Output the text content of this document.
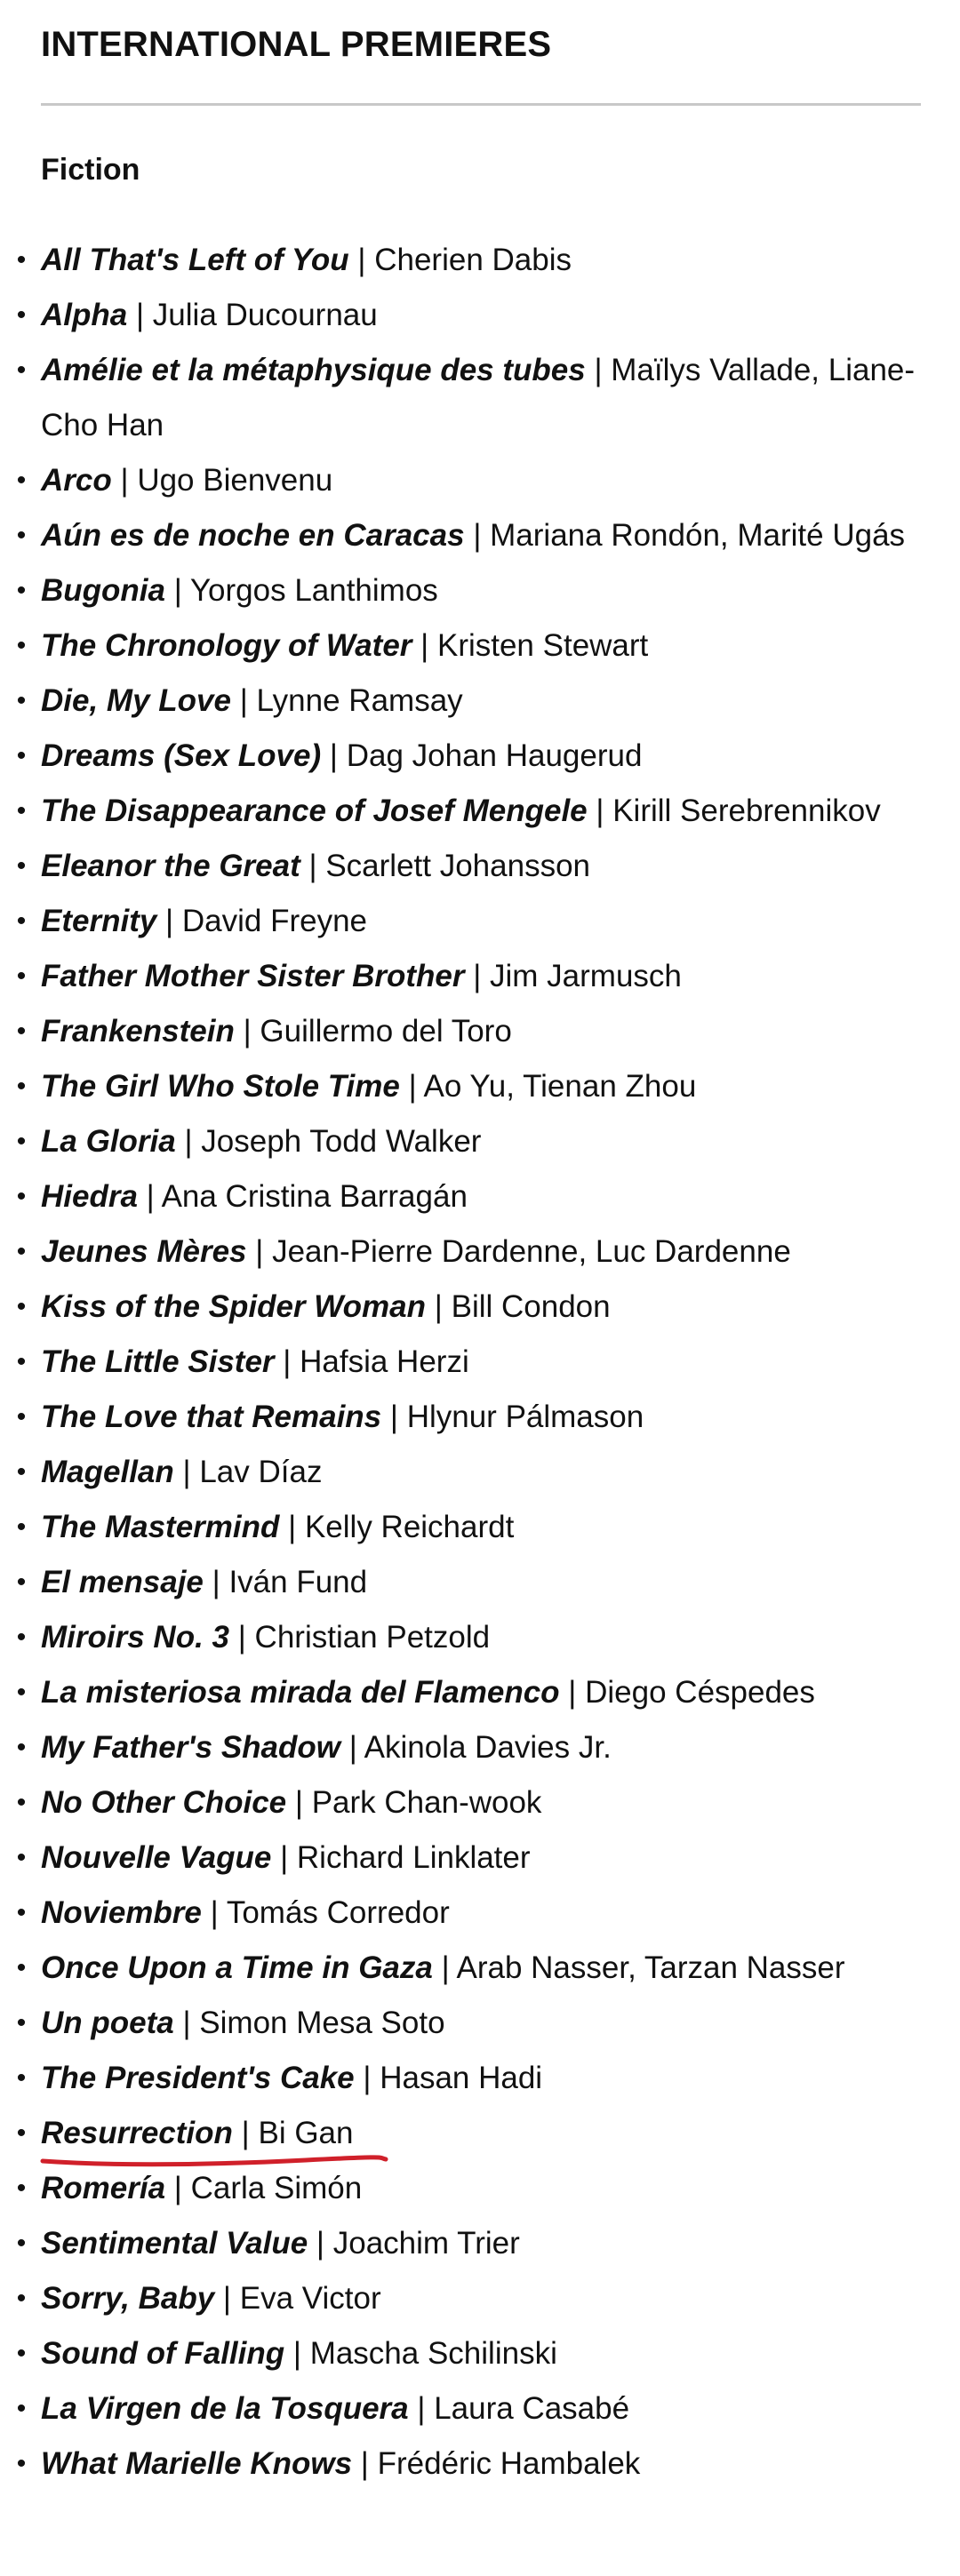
INTERNATIONAL PREMIERES
Fiction
• All That's Left of You | Cherien Dabis
• Alpha | Julia Ducournau
• Amélie et la métaphysique des tubes | Maïlys Vallade, Liane-Cho Han
• Arco | Ugo Bienvenu
• Aún es de noche en Caracas | Mariana Rondón, Marité Ugás
• Bugonia | Yorgos Lanthimos
• The Chronology of Water | Kristen Stewart
• Die, My Love | Lynne Ramsay
• Dreams (Sex Love) | Dag Johan Haugerud
• The Disappearance of Josef Mengele | Kirill Serebrennikov
• Eleanor the Great | Scarlett Johansson
• Eternity | David Freyne
• Father Mother Sister Brother | Jim Jarmusch
• Frankenstein | Guillermo del Toro
• The Girl Who Stole Time | Ao Yu, Tienan Zhou
• La Gloria | Joseph Todd Walker
• Hiedra | Ana Cristina Barragán
• Jeunes Mères | Jean-Pierre Dardenne, Luc Dardenne
• Kiss of the Spider Woman | Bill Condon
• The Little Sister | Hafsia Herzi
• The Love that Remains | Hlynur Pálmason
• Magellan | Lav Díaz
• The Mastermind | Kelly Reichardt
• El mensaje | Iván Fund
• Miroirs No. 3 | Christian Petzold
• La misteriosa mirada del Flamenco | Diego Céspedes
• My Father's Shadow | Akinola Davies Jr.
• No Other Choice | Park Chan-wook
• Nouvelle Vague | Richard Linklater
• Noviembre | Tomás Corredor
• Once Upon a Time in Gaza | Arab Nasser, Tarzan Nasser
• Un poeta | Simon Mesa Soto
• The President's Cake | Hasan Hadi
• Resurrection | Bi Gan
• Romería | Carla Simón
• Sentimental Value | Joachim Trier
• Sorry, Baby | Eva Victor
• Sound of Falling | Mascha Schilinski
• La Virgen de la Tosquera | Laura Casabé
• What Marielle Knows | Frédéric Hambalek
